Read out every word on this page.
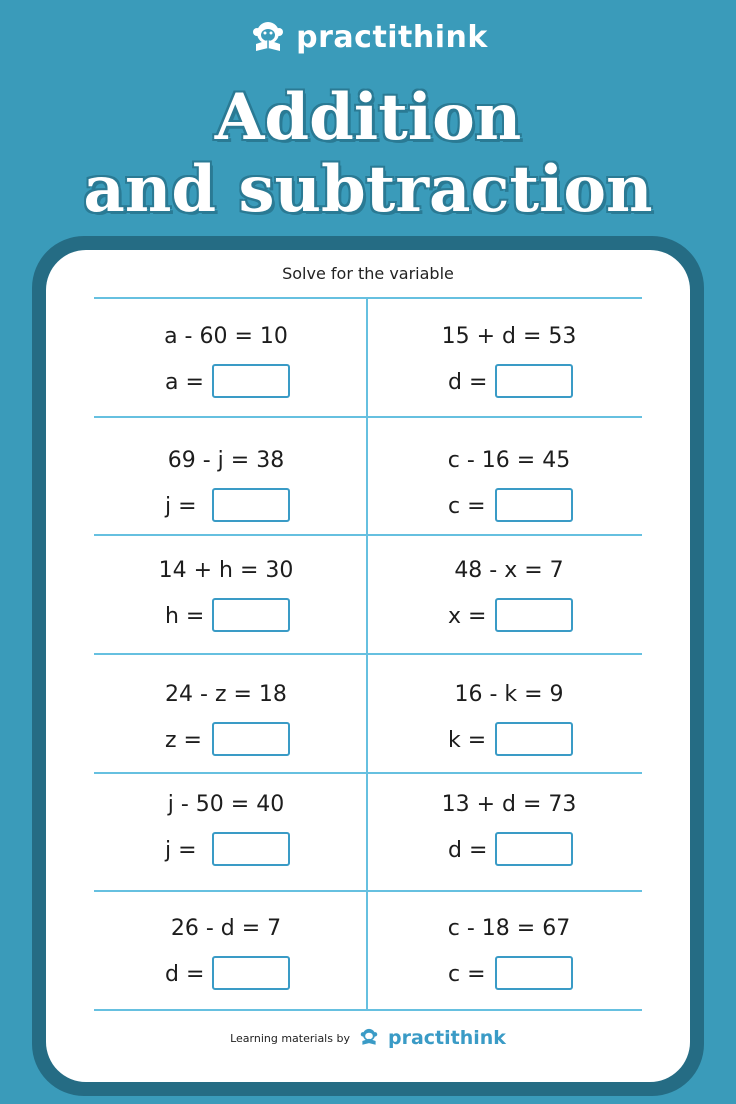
practithink
Addition
and subtraction
Solve for the variable
a - 60 = 10
a =
15 + d = 53
d =
69 - j = 38
j =
c - 16 = 45
c =
14 + h = 30
h =
48 - x = 7
x =
24 - z = 18
z =
16 - k = 9
k =
j - 50 = 40
j =
13 + d = 73
d =
26 - d = 7
d =
c - 18 = 67
c =
Learning materials by practithink
